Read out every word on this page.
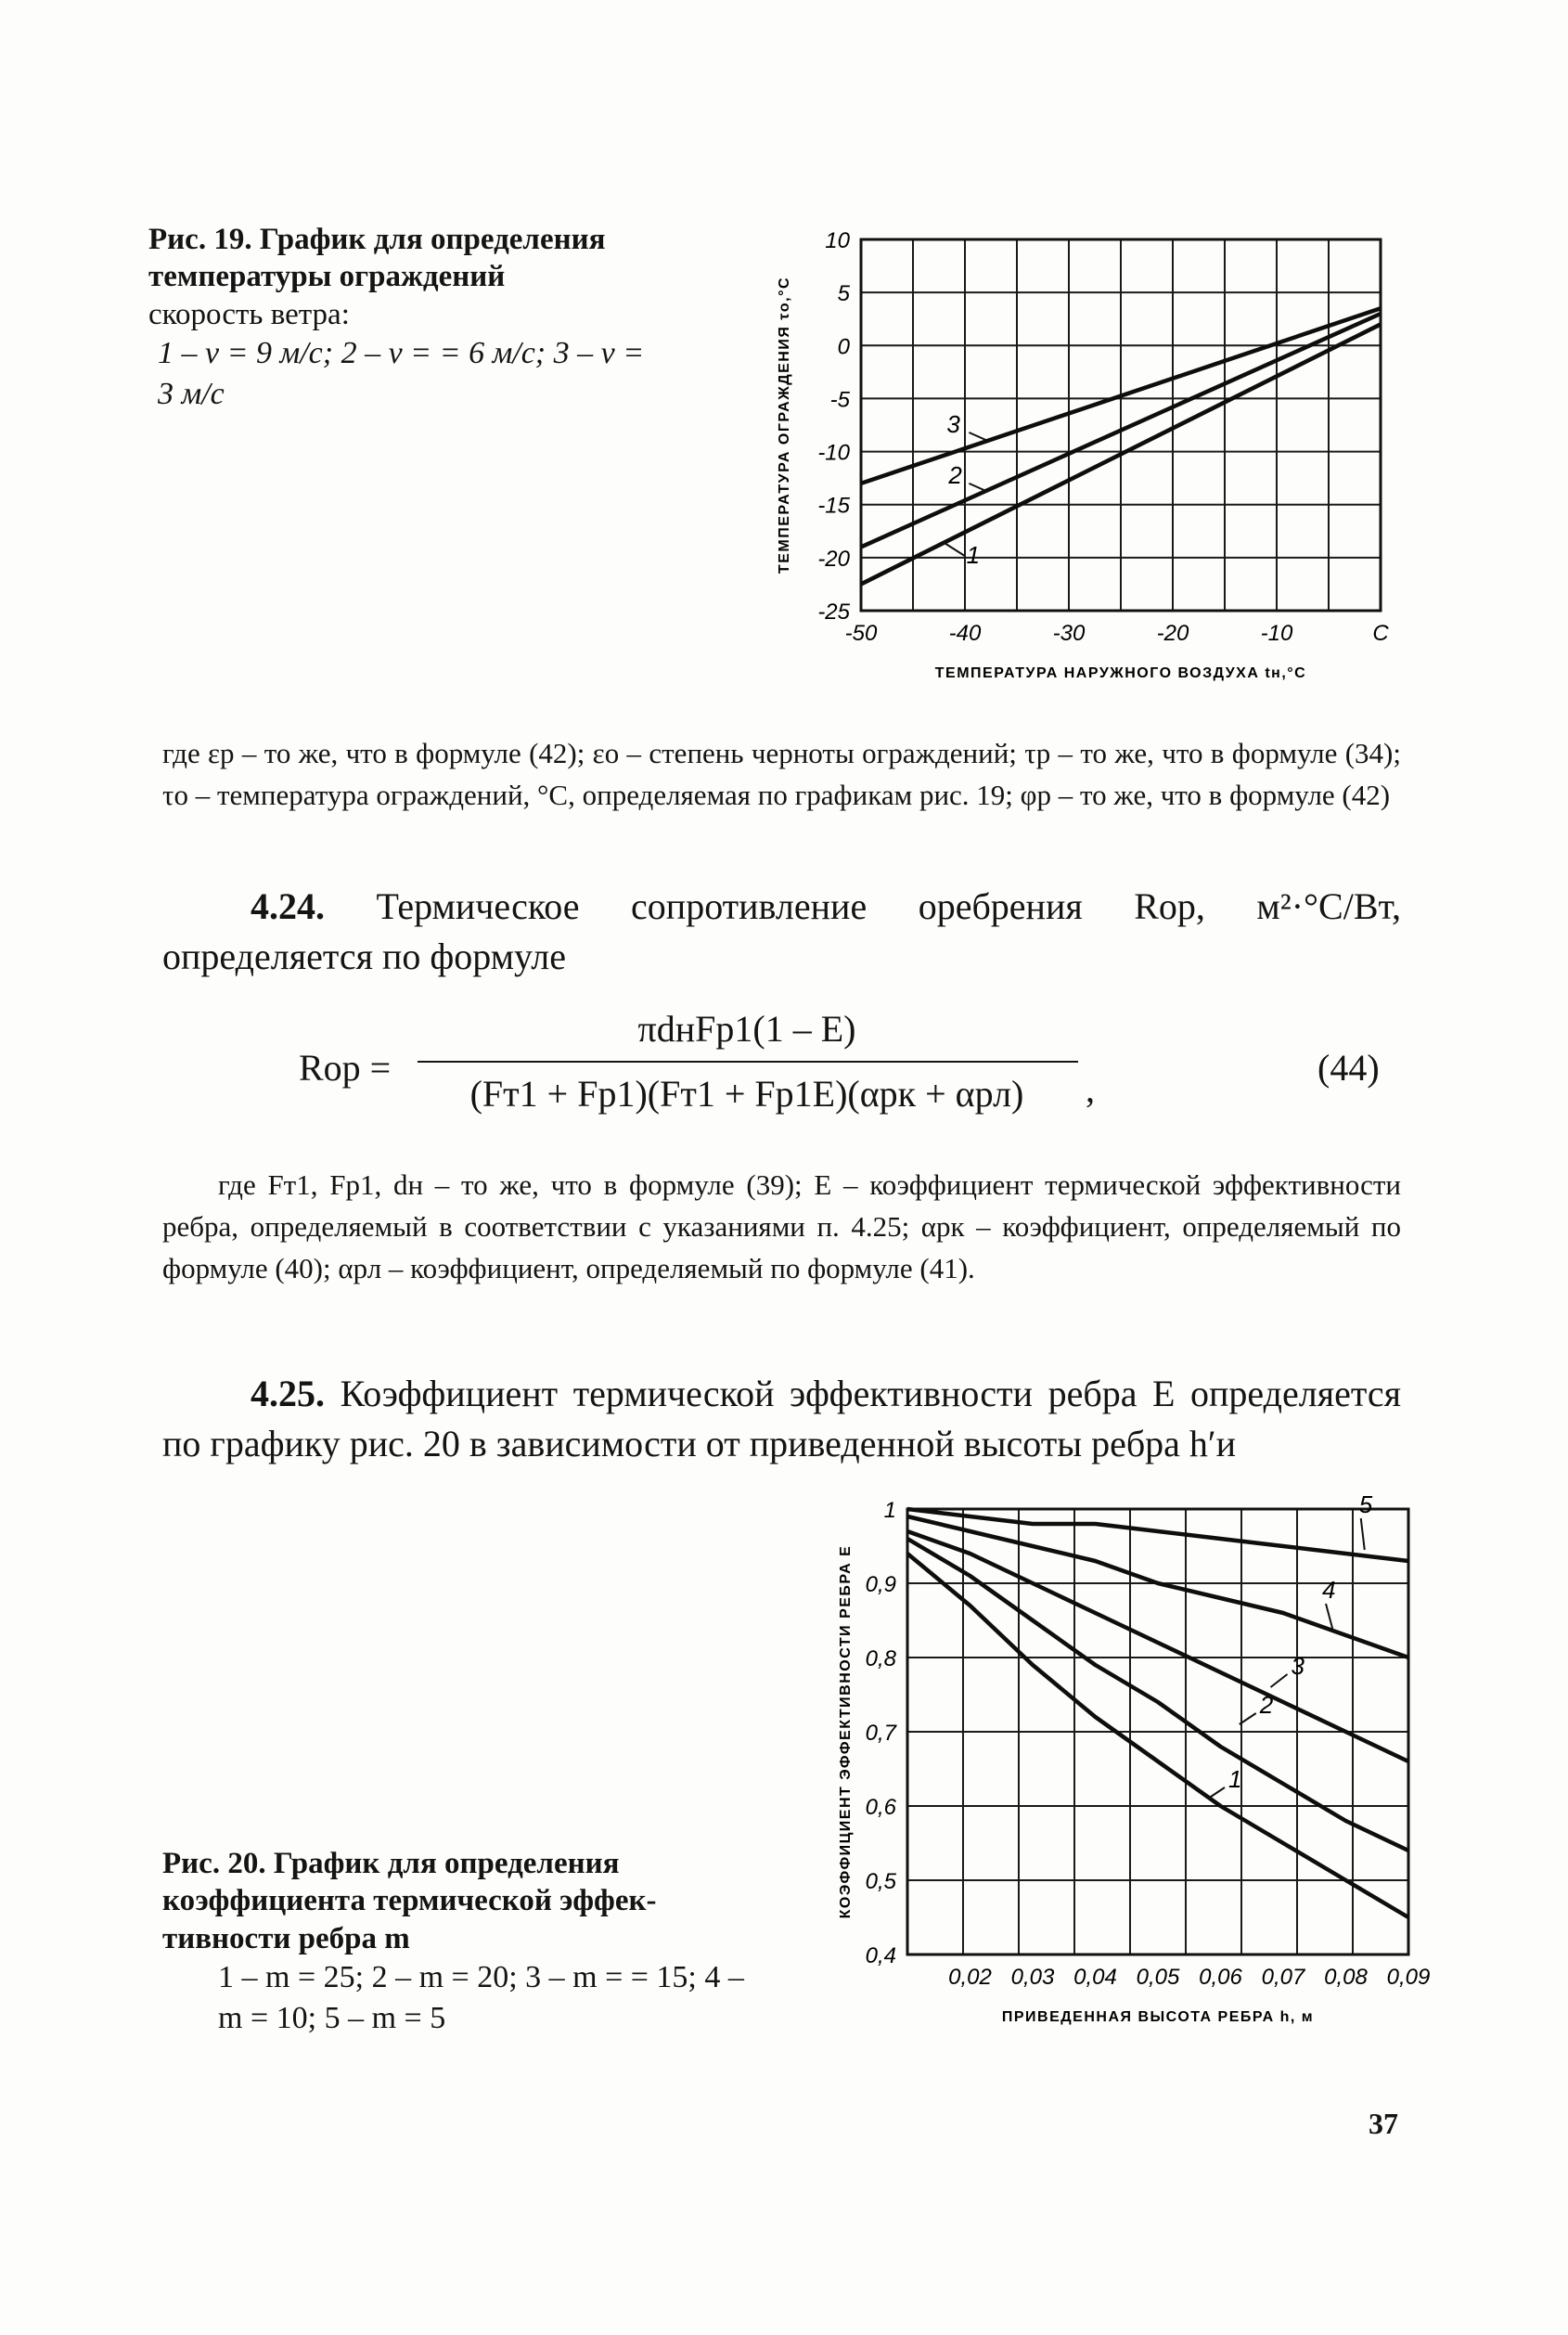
Рис. 19. График для определения температуры ограждений
скорость ветра:
1 – v = 9 м/с; 2 – v = = 6 м/с; 3 – v = 3 м/с
10
5
0
-5
-10
-15
-20
-25
-50	-40	-30	-20	-10	С
ТЕМПЕРАТУРА НАРУЖНОГО ВОЗДУХА tн,°С
ТЕМПЕРАТУРА ОГРАЖДЕНИЯ τо,°С	1
2
3
где εр – то же, что в формуле (42); εо – степень черноты ограждений; τр – то же, что в формуле (34); τо – температура ограждений, °С, определяемая по графикам рис. 19; φр – то же, что в формуле (42)
4.24. Термическое сопротивление оребрения Rор, м²·°С/Вт, определяется по формуле
Rор =
πdнFр1(1 – E)
(Fт1 + Fр1)(Fт1 + Fр1E)(αрк + αрл)	,
(44)
где Fт1, Fр1, dн – то же, что в формуле (39); E – коэффициент термической эффективности ребра, определяемый в соответствии с указаниями п. 4.25; αрк – коэффициент, определяемый по формуле (40); αрл – коэффициент, определяемый по формуле (41).
4.25. Коэффициент термической эффективности ребра E определяется по графику рис. 20 в зависимости от приведенной высоты ребра h′и
Рис. 20. График для определения коэффициента термической эффек-тивности ребра m
1 – m = 25; 2 – m = 20; 3 – m = = 15; 4 – m = 10; 5 – m = 5
1
0,9
0,8
0,7
0,6
0,5
0,4
0,02 0,03 0,04 0,05 0,06 0,07 0,08 0,09
ПРИВЕДЕННАЯ ВЫСОТА РЕБРА h, м
КОЭФФИЦИЕНТ ЭФФЕКТИВНОСТИ РЕБРА E	1
2
3
4
5
37
